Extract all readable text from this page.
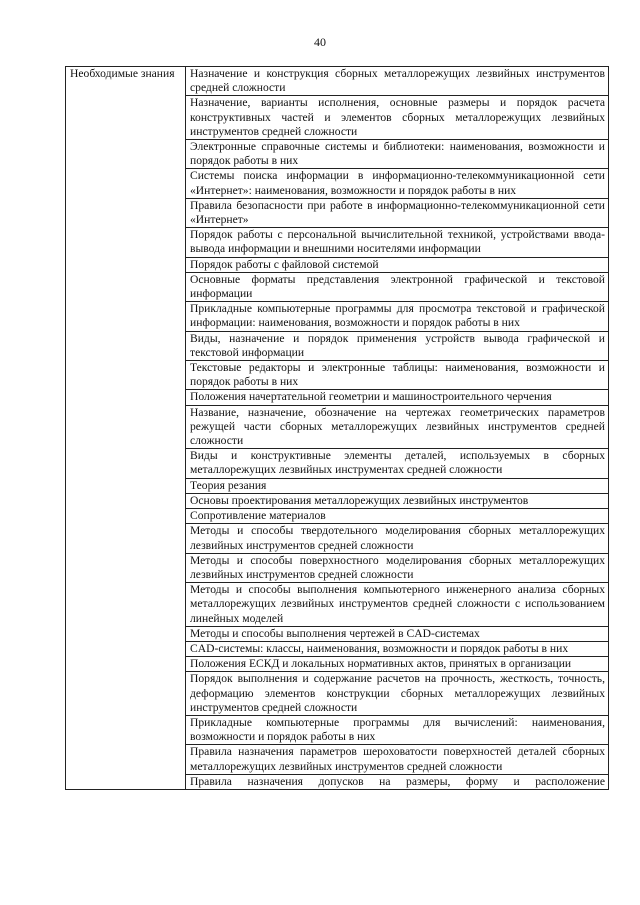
40
Необходимые знания	Назначение и конструкция сборных металлорежущих лезвийных инструментов средней сложности
Назначение, варианты исполнения, основные размеры и порядок расчета конструктивных частей и элементов сборных металлорежущих лезвийных инструментов средней сложности
Электронные справочные системы и библиотеки: наименования, возможности и порядок работы в них
Системы поиска информации в информационно-телекоммуникационной сети «Интернет»: наименования, возможности и порядок работы в них
Правила безопасности при работе в информационно-телекоммуникационной сети «Интернет»
Порядок работы с персональной вычислительной техникой, устройствами ввода-вывода информации и внешними носителями информации
Порядок работы с файловой системой
Основные форматы представления электронной графической и текстовой информации
Прикладные компьютерные программы для просмотра текстовой и графической информации: наименования, возможности и порядок работы в них
Виды, назначение и порядок применения устройств вывода графической и текстовой информации
Текстовые редакторы и электронные таблицы: наименования, возможности и порядок работы в них
Положения начертательной геометрии и машиностроительного черчения
Название, назначение, обозначение на чертежах геометрических параметров режущей части сборных металлорежущих лезвийных инструментов средней сложности
Виды и конструктивные элементы деталей, используемых в сборных металлорежущих лезвийных инструментах средней сложности
Теория резания
Основы проектирования металлорежущих лезвийных инструментов
Сопротивление материалов
Методы и способы твердотельного моделирования сборных металлорежущих лезвийных инструментов средней сложности
Методы и способы поверхностного моделирования сборных металлорежущих лезвийных инструментов средней сложности
Методы и способы выполнения компьютерного инженерного анализа сборных металлорежущих лезвийных инструментов средней сложности с использованием линейных моделей
Методы и способы выполнения чертежей в CAD-системах
CAD-системы: классы, наименования, возможности и порядок работы в них
Положения ЕСКД и локальных нормативных актов, принятых в организации
Порядок выполнения и содержание расчетов на прочность, жесткость, точность, деформацию элементов конструкции сборных металлорежущих лезвийных инструментов средней сложности
Прикладные компьютерные программы для вычислений: наименования, возможности и порядок работы в них
Правила назначения параметров шероховатости поверхностей деталей сборных металлорежущих лезвийных инструментов средней сложности
Правила назначения допусков на размеры, форму и расположение
